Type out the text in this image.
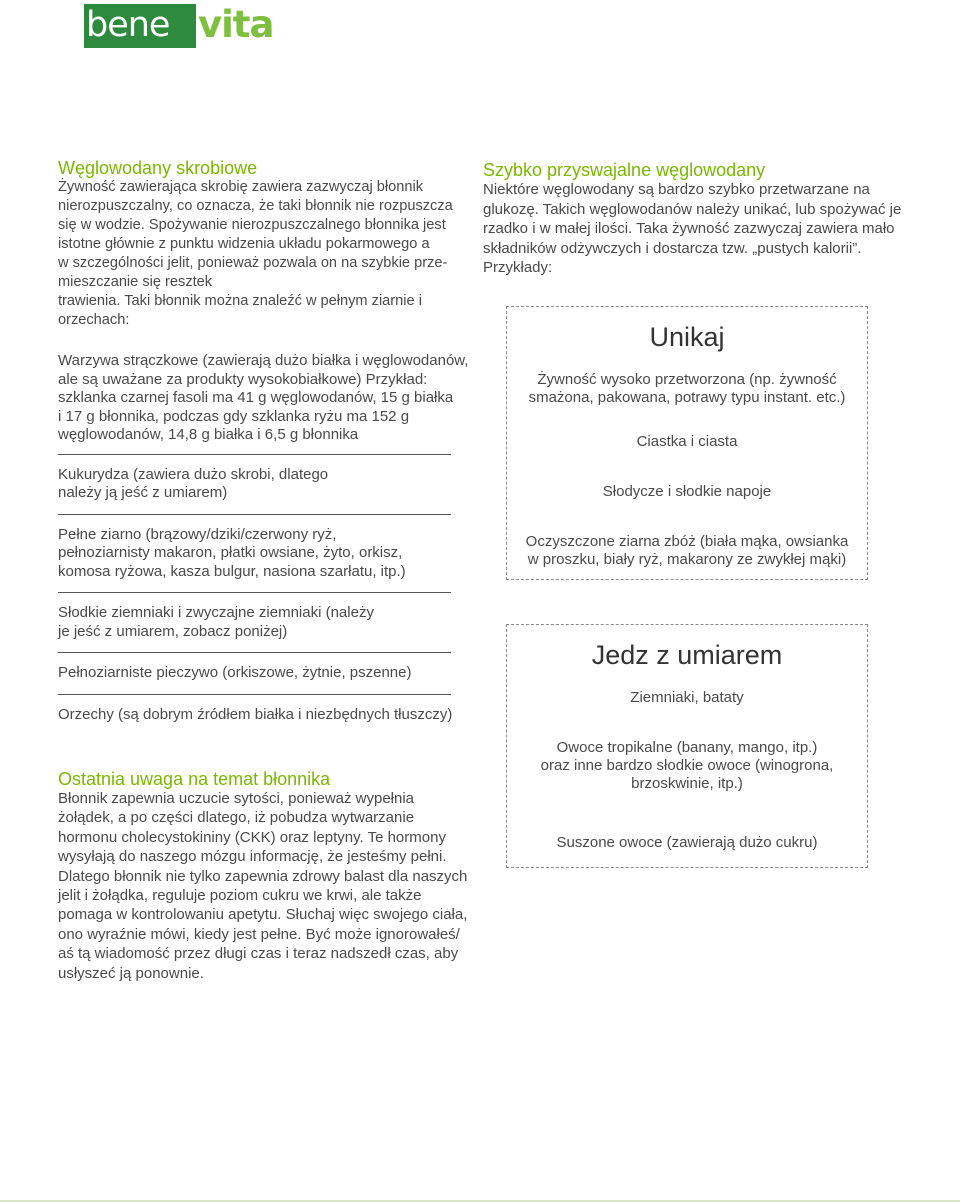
bene vita
Węglowodany skrobiowe
Żywność zawierająca skrobię zawiera zazwyczaj błonnik
nierozpuszczalny, co oznacza, że taki błonnik nie rozpuszcza
się w wodzie. Spożywanie nierozpuszczalnego błonnika jest
istotne głównie z punktu widzenia układu pokarmowego a
w szczególności jelit, ponieważ pozwala on na szybkie prze-
mieszczanie się resztek
trawienia. Taki błonnik można znaleźć w pełnym ziarnie i
orzechach:
Warzywa strączkowe (zawierają dużo białka i węglowodanów,
ale są uważane za produkty wysokobiałkowe) Przykład:
szklanka czarnej fasoli ma 41 g węglowodanów, 15 g białka
i 17 g błonnika, podczas gdy szklanka ryżu ma 152 g
węglowodanów, 14,8 g białka i 6,5 g błonnika
Kukurydza (zawiera dużo skrobi, dlatego
należy ją jeść z umiarem)
Pełne ziarno (brązowy/dziki/czerwony ryż,
pełnoziarnisty makaron, płatki owsiane, żyto, orkisz,
komosa ryżowa, kasza bulgur, nasiona szarłatu, itp.)
Słodkie ziemniaki i zwyczajne ziemniaki (należy
je jeść z umiarem, zobacz poniżej)
Pełnoziarniste pieczywo (orkiszowe, żytnie, pszenne)
Orzechy (są dobrym źródłem białka i niezbędnych tłuszczy)
Ostatnia uwaga na temat błonnika
Błonnik zapewnia uczucie sytości, ponieważ wypełnia
żołądek, a po części dlatego, iż pobudza wytwarzanie
hormonu cholecystokininy (CKK) oraz leptyny. Te hormony
wysyłają do naszego mózgu informację, że jesteśmy pełni.
Dlatego błonnik nie tylko zapewnia zdrowy balast dla naszych
jelit i żołądka, reguluje poziom cukru we krwi, ale także
pomaga w kontrolowaniu apetytu. Słuchaj więc swojego ciała,
ono wyraźnie mówi, kiedy jest pełne. Być może ignorowałeś/
aś tą wiadomość przez długi czas i teraz nadszedł czas, aby
usłyszeć ją ponownie.
Szybko przyswajalne węglowodany
Niektóre węglowodany są bardzo szybko przetwarzane na
glukozę. Takich węglowodanów należy unikać, lub spożywać je
rzadko i w małej ilości. Taka żywność zazwyczaj zawiera mało
składników odżywczych i dostarcza tzw. „pustych kalorii”.
Przykłady:
Unikaj
Żywność wysoko przetworzona (np. żywność
smażona, pakowana, potrawy typu instant. etc.)
Ciastka i ciasta
Słodycze i słodkie napoje
Oczyszczone ziarna zbóż (biała mąka, owsianka
w proszku, biały ryż, makarony ze zwykłej mąki)
Jedz z umiarem
Ziemniaki, bataty
Owoce tropikalne (banany, mango, itp.)
oraz inne bardzo słodkie owoce (winogrona,
brzoskwinie, itp.)
Suszone owoce (zawierają dużo cukru)
